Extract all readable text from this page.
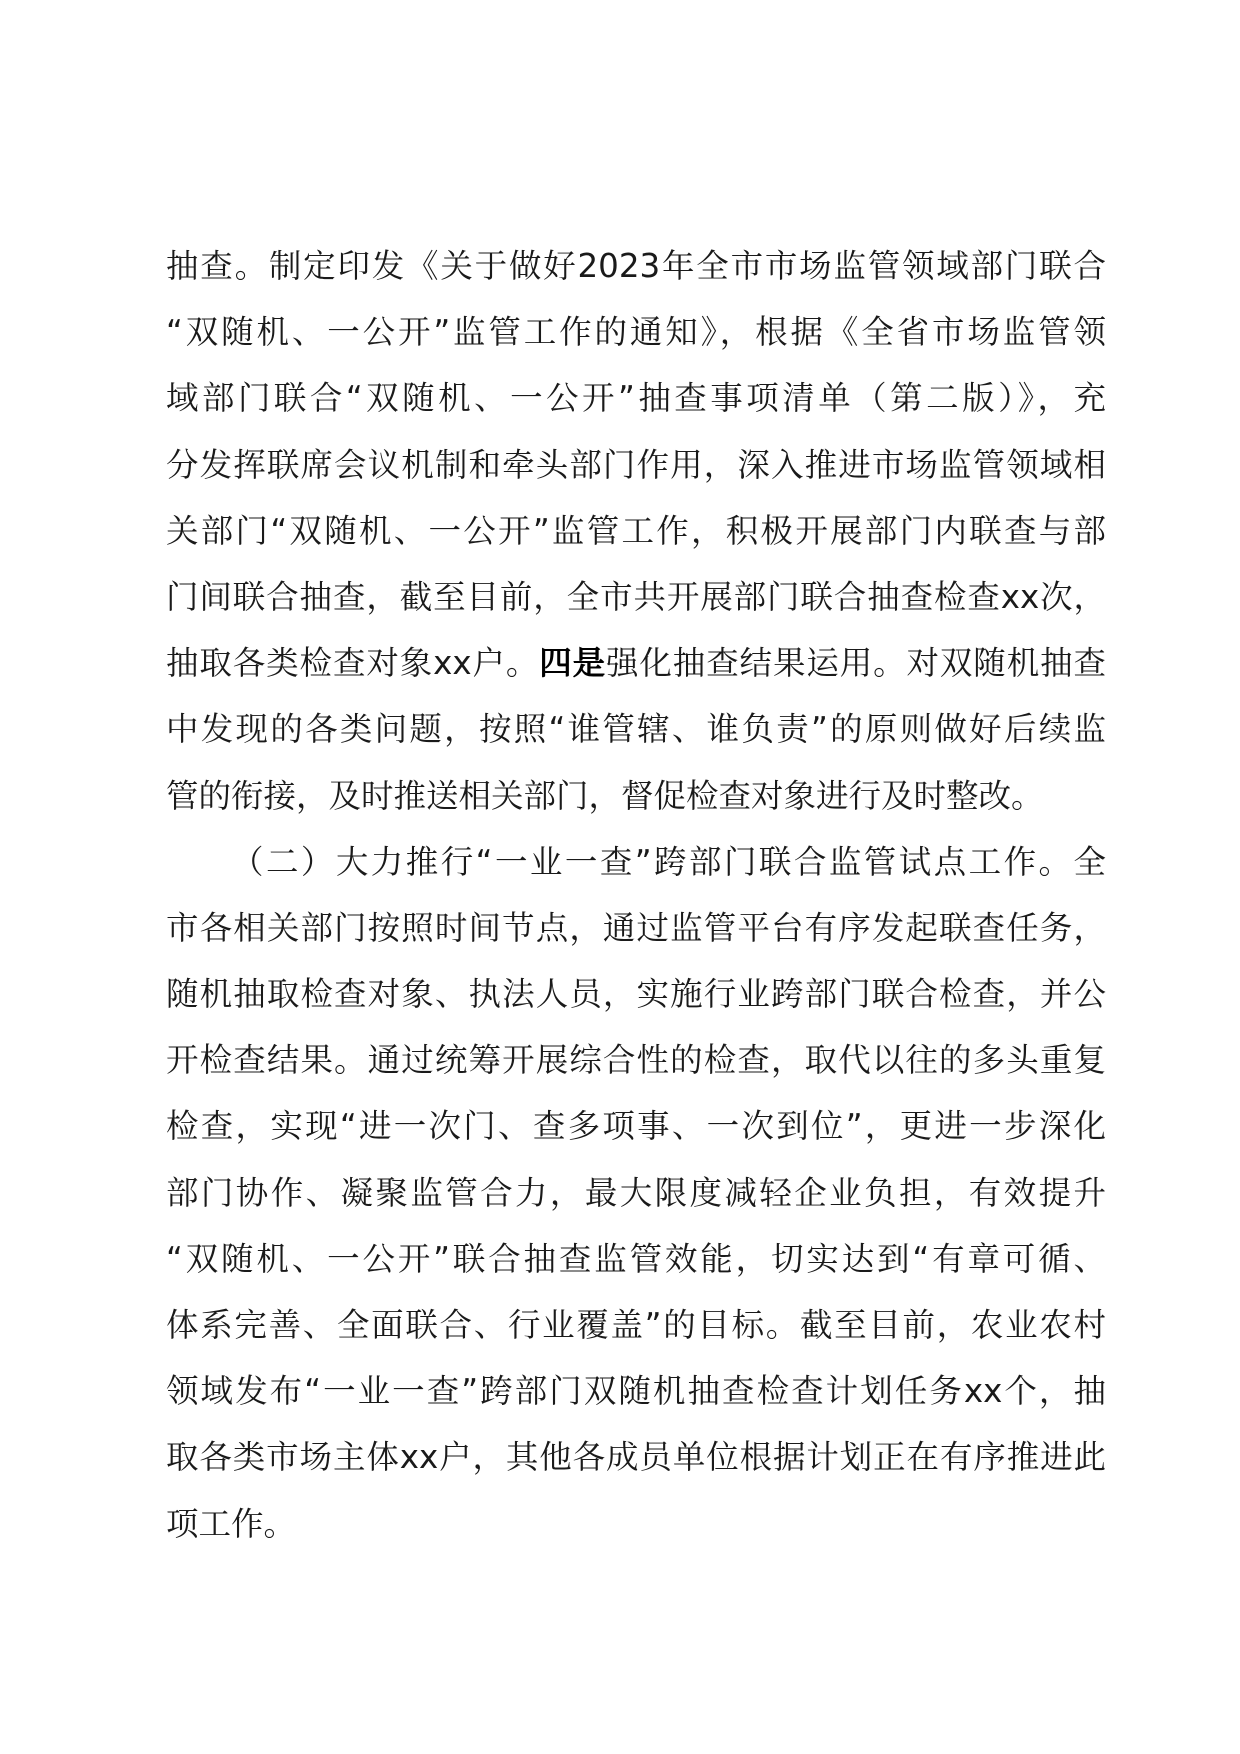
抽查。制定印发《关于做好2023年全市市场监管领域部门联合
“双随机、一公开”监管工作的通知》，根据《全省市场监管领
域部门联合“双随机、一公开”抽查事项清单（第二版）》，充
分发挥联席会议机制和牵头部门作用，深入推进市场监管领域相
关部门“双随机、一公开”监管工作，积极开展部门内联查与部
门间联合抽查，截至目前，全市共开展部门联合抽查检查xx次，
抽取各类检查对象xx户。四是强化抽查结果运用。对双随机抽查
中发现的各类问题，按照“谁管辖、谁负责”的原则做好后续监
管的衔接，及时推送相关部门，督促检查对象进行及时整改。
（二）大力推行“一业一查”跨部门联合监管试点工作。全
市各相关部门按照时间节点，通过监管平台有序发起联查任务，
随机抽取检查对象、执法人员，实施行业跨部门联合检查，并公
开检查结果。通过统筹开展综合性的检查，取代以往的多头重复
检查，实现“进一次门、查多项事、一次到位”，更进一步深化
部门协作、凝聚监管合力，最大限度减轻企业负担，有效提升
“双随机、一公开”联合抽查监管效能，切实达到“有章可循、
体系完善、全面联合、行业覆盖”的目标。截至目前，农业农村
领域发布“一业一查”跨部门双随机抽查检查计划任务xx个，抽
取各类市场主体xx户，其他各成员单位根据计划正在有序推进此
项工作。
